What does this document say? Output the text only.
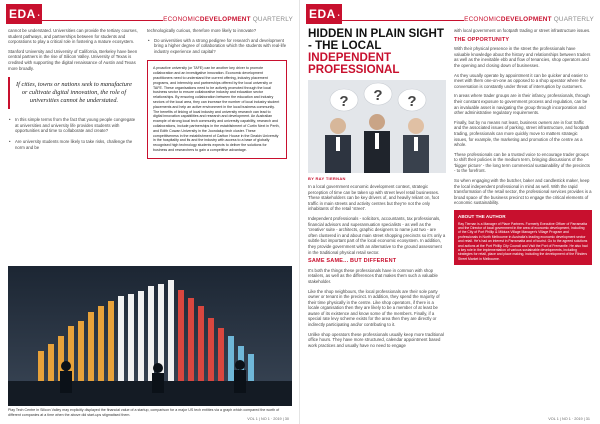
EDA •	ECONOMICDEVELOPMENT QUARTERLY

cannot be understated. Universities can provide the tertiary courses, student pathways, and partnerships between for students and corporations to play a critical role in fostering a mature ecosystem.

Stanford University and University of California, Berkeley have been central partners in the rise of Silicon Valley. University of Texas is credited with supporting the digital renaissance of Austin and Texas more broadly.

If cities, towns or nations seek to manufacture or cultivate digital innovation, the role of universities cannot be understated.
• In this simple terms from the fact that young people congregate at universities and university life provides students with opportunities and time to collaborate and create?
• Are university students more likely to take risks, challenge the norm and be

technologically curious, therefore more likely to innovate?

• Do universities with a strong pedigree for research and development bring a higher degree of collaboration which the students with real-life industry experience and capital?
A proactive university (or TAFE) can be another key driver to promote collaboration and an investigative innovation. Economic development practitioners need to understand the current offering, industry placement programs, and internship and partnerships offered by the local university or TAFE. These organisations need to be actively promoted through the local business sector to ensure collaborative industry and education sector relationships. By ensuring collaboration between the education and industry sectors of the local area, they can increase the number of local industry student placements and help an active environment in the local business community. The benefits of linking of local industry and university research can lead to digital innovation capabilities and research and development. An Australian example of strong local tech community and university capability, research and collaborations, include partnerships in the establishment of Curtin Next in Perth, and Edith Cowan University in the Joondalup tech cluster. These competitiveness in the establishment of Carlton House in the Deakin University in the hospitality and its and the industry with access to a base of globally recognised high technology students expects to deliver the solutions for business and researchers to gain a competitive advantage.
Play Tech Centre in Silicon Valley may explicitly displayed the financial value of a startup, comparison for a major US tech entities via a graph which compared the worth of different companies at a time when the above did start-ups stigmatised them.
VOL 1 | NO 1 · 2019 | 30
EDA •	ECONOMICDEVELOPMENT QUARTERLY
HIDDEN IN PLAIN SIGHT - THE LOCAL INDEPENDENT PROFESSIONAL
? ? ?
BY RAY TIERNAN

In a local government economic development context, strategic perception of time can be taken up with street level retail businesses. These stakeholders can be key drivers of, and heavily reliant on, foot traffic in main streets and activity centres but they're not the only inhabitants of the retail 'street'.

Independent professionals - solicitors, accountants, tax professionals, financial advisors and superannuation specialists - as well as the 'creative' suite - architects, graphic designers to name just two - are often clustered in and about main street shopping precincts so it's only a subtle but important part of the local economic ecosystem. In addition, they provide government with an alternative to the ground assessment in the traditional physical retail sector.

SAME SAME... BUT DIFFERENT

It's both the things these professionals have in common with shop retailers, as well as the differences that makes them such a valuable stakeholder.

Like the shop neighbours, the local professionals are their sole party owner or tenant in the precinct. In addition, they spend the majority of their time physically in the centre. Like shop operators, if there is a locale organisation then they are likely to be a member of at least be aware of its existence and know some of the members. Finally, if a special rate levy scheme exists for the area then they are directly or indirectly participating and/or contributing to it.

Unlike shop operators these professionals usually keep more traditional office hours. They have more structured, calendar appointment based work practices and usually have no need to engage

with local government on footpath trading or street infrastructure issues.

THE OPPORTUNITY

With their physical presence in the street the professionals have valuable knowledge about the history and relationships between traders as well as the inevitable ebb and flow of tenancies, shop operators and the opening and closing down of businesses.

As they usually operate by appointment it can be quicker and easier to meet with them one-on-one as opposed to a shop operator where the conversation is constantly under threat of interruption by customers.

In areas where trader groups are in their infancy, professionals, through their constant exposure to government process and regulation, can be an invaluable asset in navigating the group through incorporation and other administrative regulatory requirements.

Finally, but by no means not least, business owners are in foot traffic and the associated issues of parking, street infrastructure, and footpath trading, professionals can more quickly move to matters strategic issues, for example, the marketing and promotion of the centre as a whole.

These professionals can be a trusted voice to encourage trader groups to shift their policies in the medium term, bringing discussions of the 'bigger picture' - the long term commercial sustainability of the precincts - to the forefront.

So when engaging with the butcher, baker and candlestick maker, keep the local independent professional in mind as well. With the rapid transformation of the retail sector, the professional services provides is a broad space of the business precinct to engage the critical elements of economic sustainability.

ABOUT THE AUTHOR
Ray Tiernan is a Manager of Place Partners. Formerly Executive Officer of Parramatta and the Director of local government in the area of economic development, including of the City of Port Phillip & Mildura Village Manager's Village Program and professionals in North Melbourne in Australia's leading economic development sector and retail. He's had an interest in Parramatta and of tourist. Go to the agreed solutions and actions at the Port Phillip City Council and Visit the Port of Fremantle. He also had a key role in the implementation of various sustainable developments, including strategies for retail, place and place making, including the development of the Flinders Street Market in Melbourne.
VOL 1 | NO 1 · 2019 | 31
